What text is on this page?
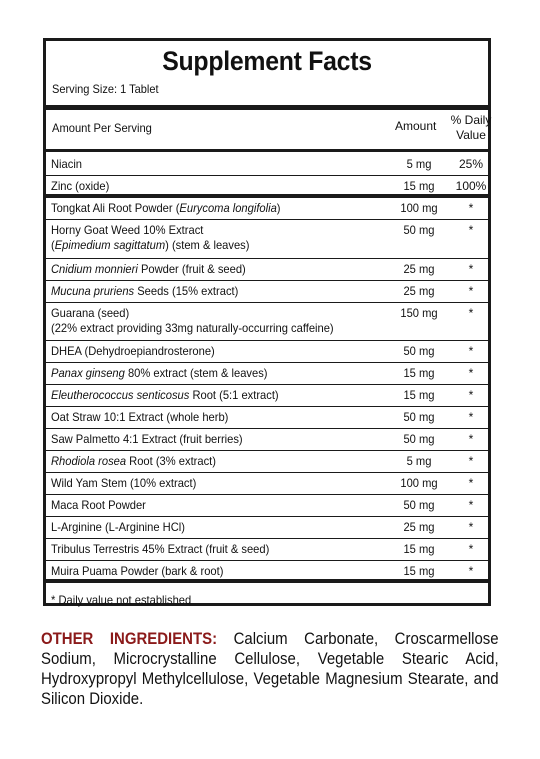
Supplement Facts
Serving Size: 1 Tablet
Amount Per Serving	Amount	% Daily
Value
Niacin	5 mg	25%
Zinc (oxide)	15 mg	100%
Tongkat Ali Root Powder (Eurycoma longifolia)	100 mg	*
Horny Goat Weed 10% Extract
(Epimedium sagittatum) (stem & leaves)
50 mg	*
Cnidium monnieri Powder (fruit & seed)	25 mg	*
Mucuna pruriens Seeds (15% extract)	25 mg	*
Guarana (seed)
(22% extract providing 33mg naturally-occurring caffeine)
150 mg	*
DHEA (Dehydroepiandrosterone)	50 mg	*
Panax ginseng 80% extract (stem & leaves)	15 mg	*
Eleutherococcus senticosus Root (5:1 extract)	15 mg	*
Oat Straw 10:1 Extract (whole herb)	50 mg	*
Saw Palmetto 4:1 Extract (fruit berries)	50 mg	*
Rhodiola rosea Root (3% extract)	5 mg	*
Wild Yam Stem (10% extract)	100 mg	*
Maca Root Powder	50 mg	*
L-Arginine (L-Arginine HCl)	25 mg	*
Tribulus Terrestris 45% Extract (fruit & seed)	15 mg	*
Muira Puama Powder (bark & root)	15 mg	*
* Daily value not established
OTHER INGREDIENTS: Calcium Carbonate, Croscarmellose Sodium, Microcrystalline Cellulose, Vegetable Stearic Acid, Hydroxypropyl Methylcellulose, Vegetable Magnesium Stearate, and Silicon Dioxide.
